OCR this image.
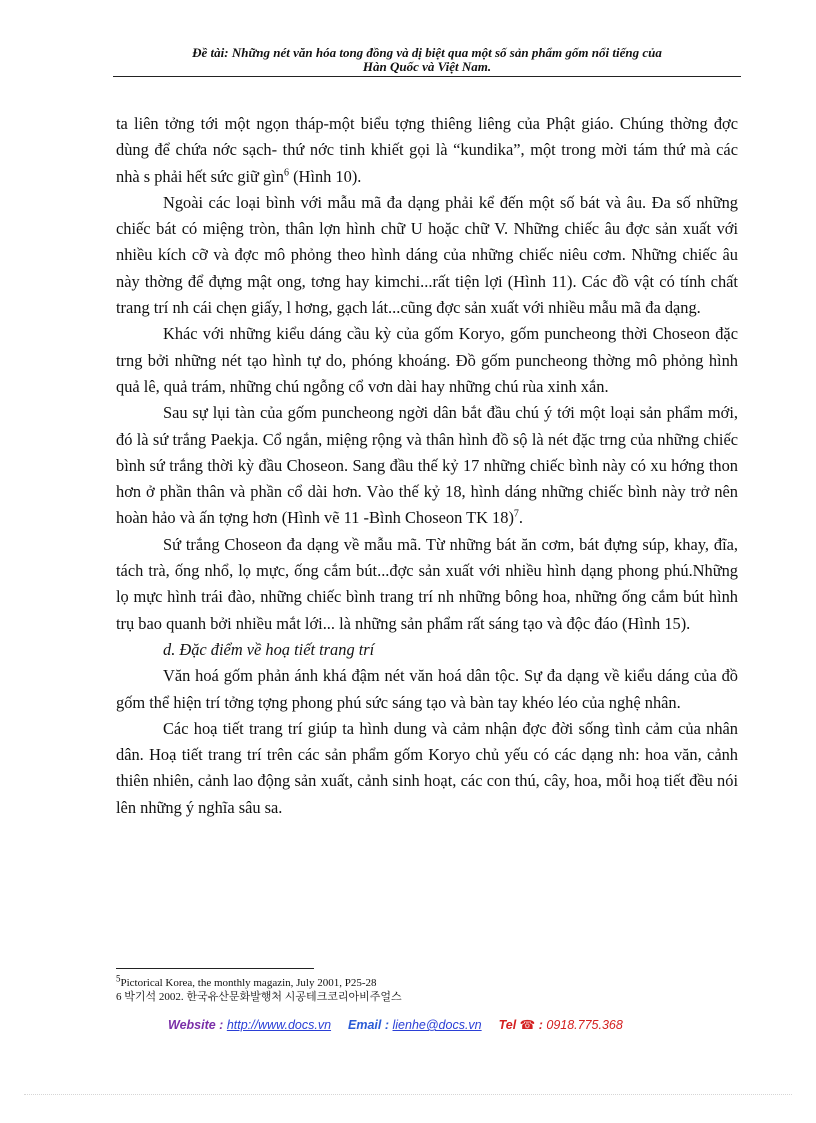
Đề tài: Những nét văn hóa tong đồng và dị biệt qua một số sản phẩm gốm nổi tiếng của
Hàn Quốc và Việt Nam.

ta liên tởng tới một ngọn tháp-một biểu tợng thiêng liêng của Phật giáo. Chúng thờng đợc dùng để chứa nớc sạch- thứ nớc tinh khiết gọi là “kundika”, một trong mời tám thứ mà các nhà s phải hết sức giữ gìn$^6$ (Hình 10).

Ngoài các loại bình với mẫu mã đa dạng phải kể đến một số bát và âu. Đa số những chiếc bát có miệng tròn, thân lợn hình chữ U hoặc chữ V. Những chiếc âu đợc sản xuất với nhiều kích cỡ và đợc mô phỏng theo hình dáng của những chiếc niêu cơm. Những chiếc âu này thờng để đựng mật ong, tơng hay kimchi...rất tiện lợi (Hình 11). Các đồ vật có tính chất trang trí nh cái chẹn giấy, l hơng, gạch lát...cũng đợc sản xuất với nhiều mẫu mã đa dạng.

Khác với những kiểu dáng cầu kỳ của gốm Koryo, gốm puncheong thời Choseon đặc trng bởi những nét tạo hình tự do, phóng khoáng. Đồ gốm puncheong thờng mô phỏng hình quả lê, quả trám, những chú ngỗng cổ vơn dài hay những chú rùa xinh xắn.

Sau sự lụi tàn của gốm puncheong ngời dân bắt đầu chú ý tới một loại sản phẩm mới, đó là sứ trắng Paekja. Cổ ngắn, miệng rộng và thân hình đồ sộ là nét đặc trng của những chiếc bình sứ trắng thời kỳ đầu Choseon. Sang đầu thế kỷ 17 những chiếc bình này có xu hớng thon hơn ở phần thân và phần cổ dài hơn. Vào thế kỷ 18, hình dáng những chiếc bình này trở nên hoàn hảo và ấn tợng hơn (Hình vẽ 11 -Bình Choseon TK 18)$^7$.

Sứ trắng Choseon đa dạng về mẫu mã. Từ những bát ăn cơm, bát đựng súp, khay, đĩa, tách trà, ống nhổ, lọ mực, ống cắm bút...đợc sản xuất với nhiều hình dạng phong phú.Những lọ mực hình trái đào, những chiếc bình trang trí nh những bông hoa, những ống cắm bút hình trụ bao quanh bởi nhiều mắt lới... là những sản phẩm rất sáng tạo và độc đáo (Hình 15).

d. Đặc điểm về hoạ tiết trang trí

Văn hoá gốm phản ánh khá đậm nét văn hoá dân tộc. Sự đa dạng về kiểu dáng của đồ gốm thể hiện trí tởng tợng phong phú sức sáng tạo và bàn tay khéo léo của nghệ nhân.

Các hoạ tiết trang trí giúp ta hình dung và cảm nhận đợc đời sống tình cảm của nhân dân. Hoạ tiết trang trí trên các sản phẩm gốm Koryo chủ yếu có các dạng nh: hoa văn, cảnh thiên nhiên, cảnh lao động sản xuất, cảnh sinh hoạt, các con thú, cây, hoa, mỗi hoạ tiết đều nói lên những ý nghĩa sâu sa.

$^5$Pictorical Korea, the monthly magazin, July 2001, P25-28
6 박기석 2002. 한국유산문화발행처 시공테크코리아비주얼스
Website : http://www.docs.vn Email : lienhe@docs.vn Tel ☎ : 0918.775.368
